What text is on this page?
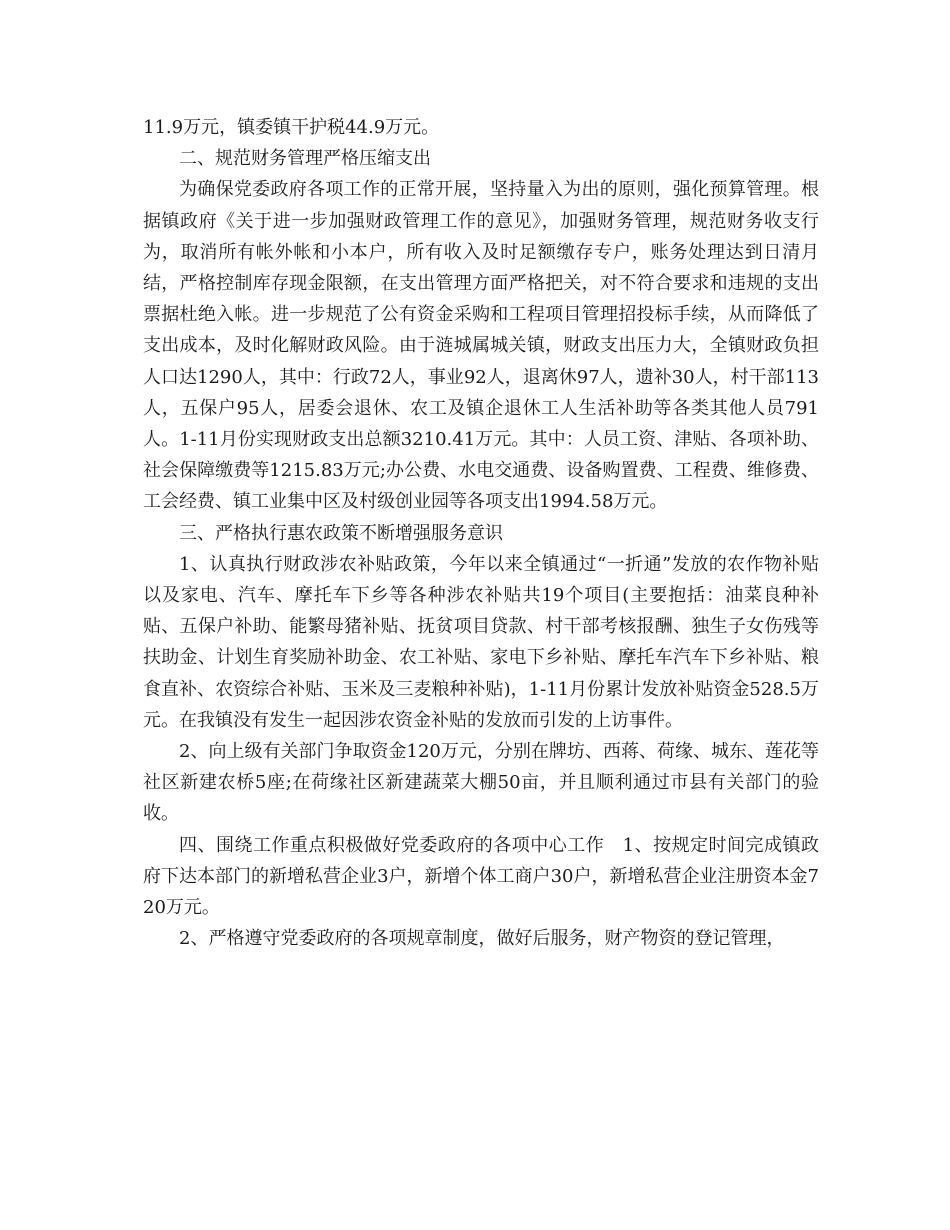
11.9万元，镇委镇干护税44.9万元。

二、规范财务管理严格压缩支出

为确保党委政府各项工作的正常开展，坚持量入为出的原则，强化预算管理。根据镇政府《关于进一步加强财政管理工作的意见》，加强财务管理，规范财务收支行为，取消所有帐外帐和小本户，所有收入及时足额缴存专户，账务处理达到日清月结，严格控制库存现金限额，在支出管理方面严格把关，对不符合要求和违规的支出票据杜绝入帐。进一步规范了公有资金采购和工程项目管理招投标手续，从而降低了支出成本，及时化解财政风险。由于涟城属城关镇，财政支出压力大，全镇财政负担人口达1290人，其中：行政72人，事业92人，退离休97人，遗补30人，村干部113人，五保户95人，居委会退休、农工及镇企退休工人生活补助等各类其他人员791人。1-11月份实现财政支出总额3210.41万元。其中：人员工资、津贴、各项补助、社会保障缴费等1215.83万元;办公费、水电交通费、设备购置费、工程费、维修费、工会经费、镇工业集中区及村级创业园等各项支出1994.58万元。

三、严格执行惠农政策不断增强服务意识

1、认真执行财政涉农补贴政策，今年以来全镇通过“一折通”发放的农作物补贴以及家电、汽车、摩托车下乡等各种涉农补贴共19个项目(主要抱括：油菜良种补贴、五保户补助、能繁母猪补贴、抚贫项目贷款、村干部考核报酬、独生子女伤残等扶助金、计划生育奖励补助金、农工补贴、家电下乡补贴、摩托车汽车下乡补贴、粮食直补、农资综合补贴、玉米及三麦粮种补贴)，1-11月份累计发放补贴资金528.5万元。在我镇没有发生一起因涉农资金补贴的发放而引发的上访事件。

2、向上级有关部门争取资金120万元，分别在牌坊、西蒋、荷缘、城东、莲花等社区新建农桥5座;在荷缘社区新建蔬菜大棚50亩，并且顺利通过市县有关部门的验收。

四、围绕工作重点积极做好党委政府的各项中心工作　1、按规定时间完成镇政府下达本部门的新增私营企业3户，新增个体工商户30户，新增私营企业注册资本金720万元。

2、严格遵守党委政府的各项规章制度，做好后服务，财产物资的登记管理，
